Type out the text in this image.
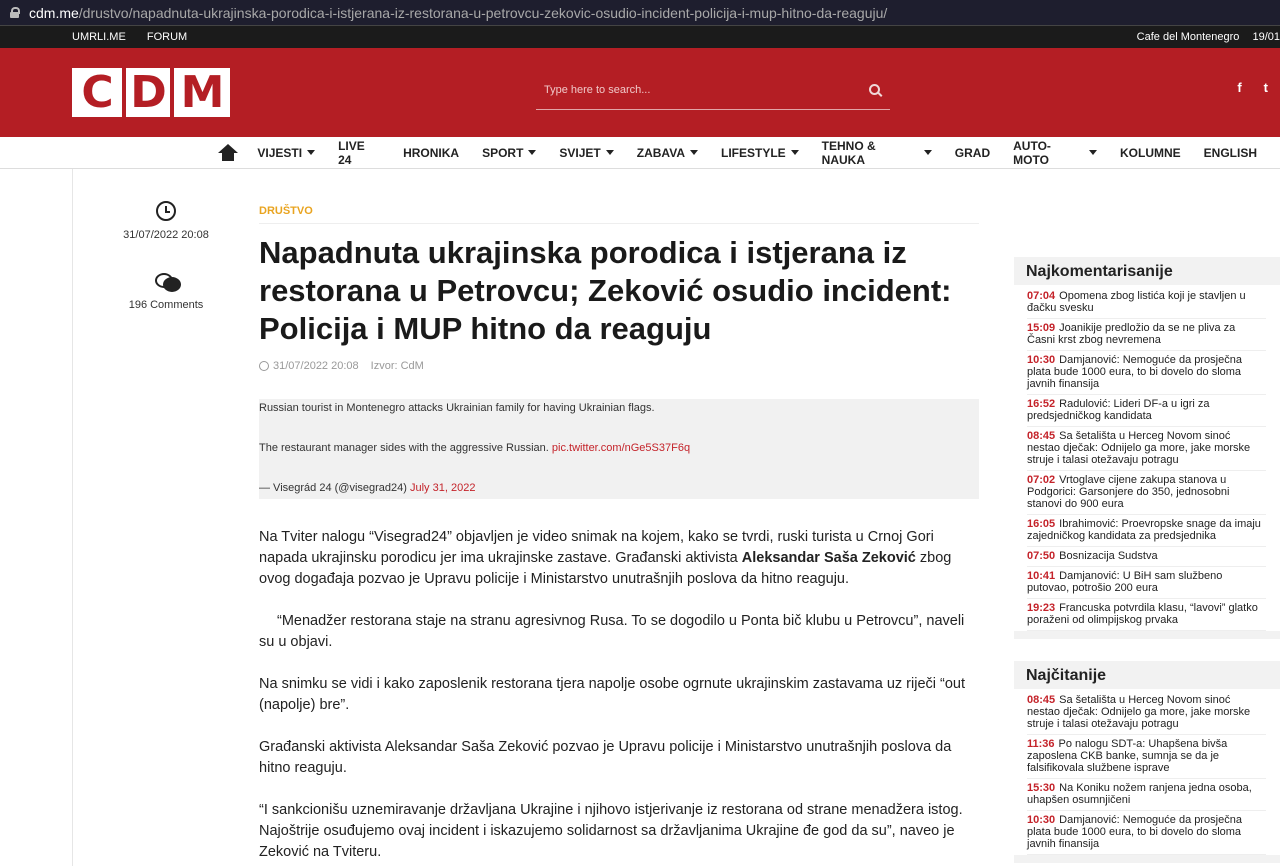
cdm.me /drustvo/napadnuta-ukrajinska-porodica-i-istjerana-iz-restorana-u-petrovcu-zekovic-osudio-incident-policija-i-mup-hitno-da-reaguju/
UMRLI.ME FORUM	Cafe del Montenegro 19/01
C D M
Type here to search...	f t
VIJESTI	LIVE 24	HRONIKA SPORT	SVIJET	ZABAVA	LIFESTYLE	TEHNO & NAUKA	GRAD AUTO-MOTO	KOLUMNE ENGLISH
31/07/2022 20:08
196 Comments
DRUŠTVO
Napadnuta ukrajinska porodica i istjerana iz restorana u Petrovcu; Zeković osudio incident: Policija i MUP hitno da reaguju
31/07/2022 20:08 Izvor: CdM

Russian tourist in Montenegro attacks Ukrainian family for having Ukrainian flags.

The restaurant manager sides with the aggressive Russian. pic.twitter.com/nGe5S37F6q

— Visegrád 24 (@visegrad24) July 31, 2022

Na Tviter nalogu “Visegrad24” objavljen je video snimak na kojem, kako se tvrdi, ruski turista u Crnoj Gori napada ukrajinsku porodicu jer ima ukrajinske zastave. Građanski aktivista Aleksandar Saša Zeković zbog ovog događaja pozvao je Upravu policije i Ministarstvo unutrašnjih poslova da hitno reaguju.

“Menadžer restorana staje na stranu agresivnog Rusa. To se dogodilo u Ponta bič klubu u Petrovcu”, naveli su u objavi.

Na snimku se vidi i kako zaposlenik restorana tjera napolje osobe ogrnute ukrajinskim zastavama uz riječi “out (napolje) bre”.

Građanski aktivista Aleksandar Saša Zeković pozvao je Upravu policije i Ministarstvo unutrašnjih poslova da hitno reaguju.

“I sankcionišu uznemiravanje državljana Ukrajine i njihovo istjerivanje iz restorana od strane menadžera istog. Najoštrije osuđujemo ovaj incident i iskazujemo solidarnost sa državljanima Ukrajine đe god da su”, naveo je Zeković na Tviteru.

Najkomentarisanije
07:04 Opomena zbog listića koji je stavljen u đačku svesku
15:09 Joanikije predložio da se ne pliva za Časni krst zbog nevremena
10:30 Damjanović: Nemoguće da prosječna plata bude 1000 eura, to bi dovelo do sloma javnih finansija
16:52 Radulović: Lideri DF-a u igri za predsjedničkog kandidata
08:45 Sa šetališta u Herceg Novom sinoć nestao dječak: Odnijelo ga more, jake morske struje i talasi otežavaju potragu
07:02 Vrtoglave cijene zakupa stanova u Podgorici: Garsonjere do 350, jednosobni stanovi do 900 eura
16:05 Ibrahimović: Proevropske snage da imaju zajedničkog kandidata za predsjednika
07:50 Bosnizacija Sudstva
10:41 Damjanović: U BiH sam službeno putovao, potrošio 200 eura
19:23 Francuska potvrdila klasu, “lavovi” glatko poraženi od olimpijskog prvaka
Najčitanije
08:45 Sa šetališta u Herceg Novom sinoć nestao dječak: Odnijelo ga more, jake morske struje i talasi otežavaju potragu
11:36 Po nalogu SDT-a: Uhapšena bivša zaposlena CKB banke, sumnja se da je falsifikovala službene isprave
15:30 Na Koniku nožem ranjena jedna osoba, uhapšen osumnjičeni
10:30 Damjanović: Nemoguće da prosječna plata bude 1000 eura, to bi dovelo do sloma javnih finansija
